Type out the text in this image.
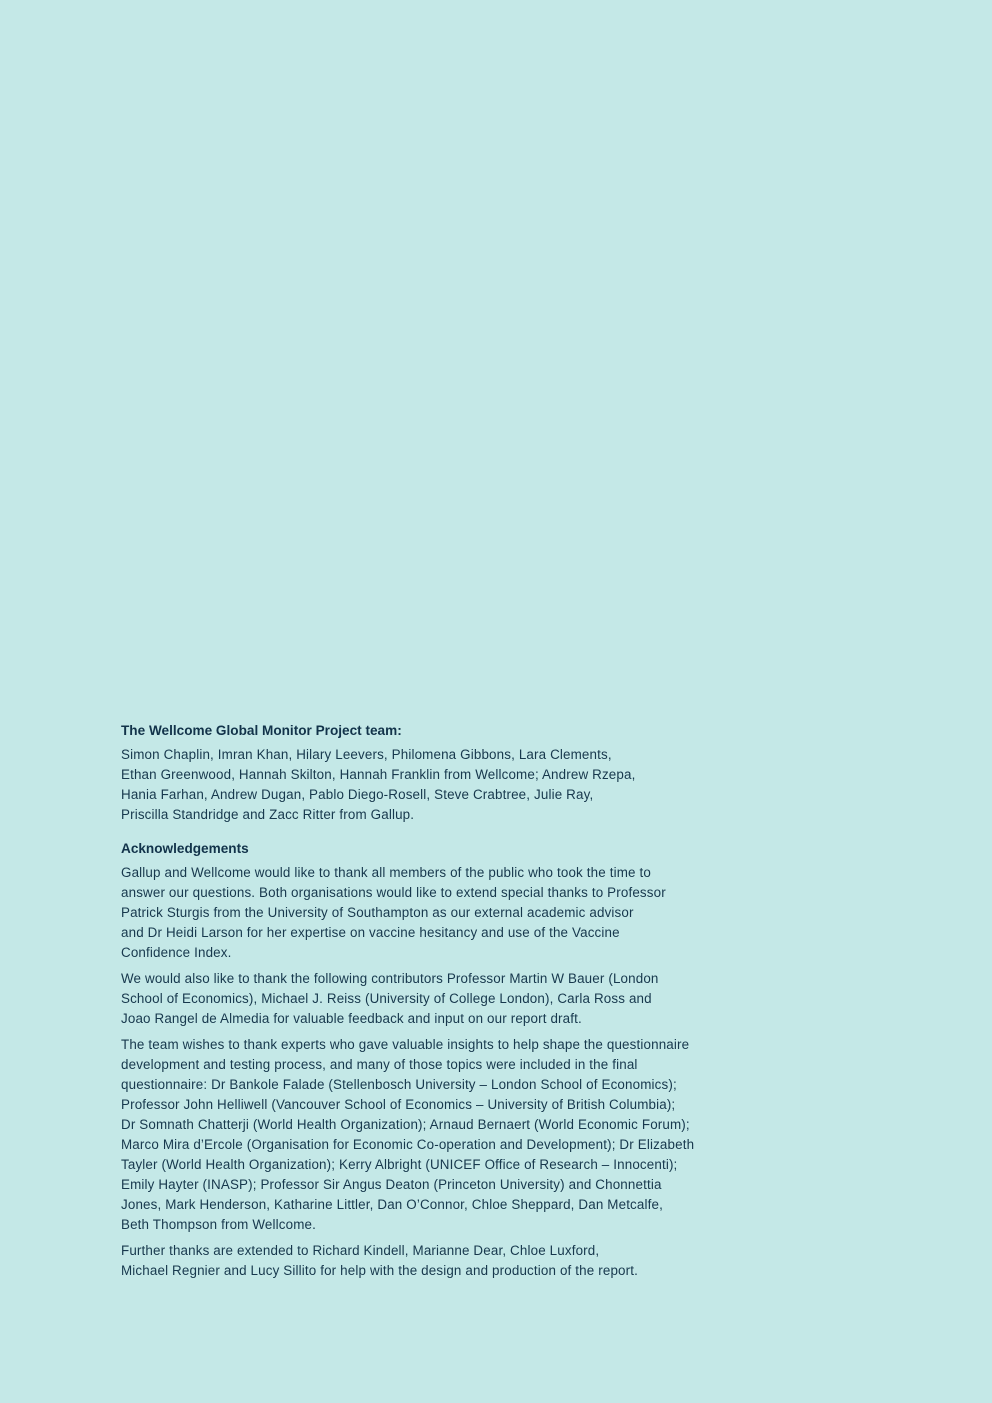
The Wellcome Global Monitor Project team:
Simon Chaplin, Imran Khan, Hilary Leevers, Philomena Gibbons, Lara Clements,
Ethan Greenwood, Hannah Skilton, Hannah Franklin from Wellcome; Andrew Rzepa,
Hania Farhan, Andrew Dugan, Pablo Diego-Rosell, Steve Crabtree, Julie Ray,
Priscilla Standridge and Zacc Ritter from Gallup.
Acknowledgements
Gallup and Wellcome would like to thank all members of the public who took the time to
answer our questions. Both organisations would like to extend special thanks to Professor
Patrick Sturgis from the University of Southampton as our external academic advisor
and Dr Heidi Larson for her expertise on vaccine hesitancy and use of the Vaccine
Confidence Index.
We would also like to thank the following contributors Professor Martin W Bauer (London
School of Economics), Michael J. Reiss (University of College London), Carla Ross and
Joao Rangel de Almedia for valuable feedback and input on our report draft.
The team wishes to thank experts who gave valuable insights to help shape the questionnaire
development and testing process, and many of those topics were included in the final
questionnaire: Dr Bankole Falade (Stellenbosch University – London School of Economics);
Professor John Helliwell (Vancouver School of Economics – University of British Columbia);
Dr Somnath Chatterji (World Health Organization); Arnaud Bernaert (World Economic Forum);
Marco Mira d’Ercole (Organisation for Economic Co-operation and Development); Dr Elizabeth
Tayler (World Health Organization); Kerry Albright (UNICEF Office of Research – Innocenti);
Emily Hayter (INASP); Professor Sir Angus Deaton (Princeton University) and Chonnettia
Jones, Mark Henderson, Katharine Littler, Dan O’Connor, Chloe Sheppard, Dan Metcalfe,
Beth Thompson from Wellcome.
Further thanks are extended to Richard Kindell, Marianne Dear, Chloe Luxford,
Michael Regnier and Lucy Sillito for help with the design and production of the report.
